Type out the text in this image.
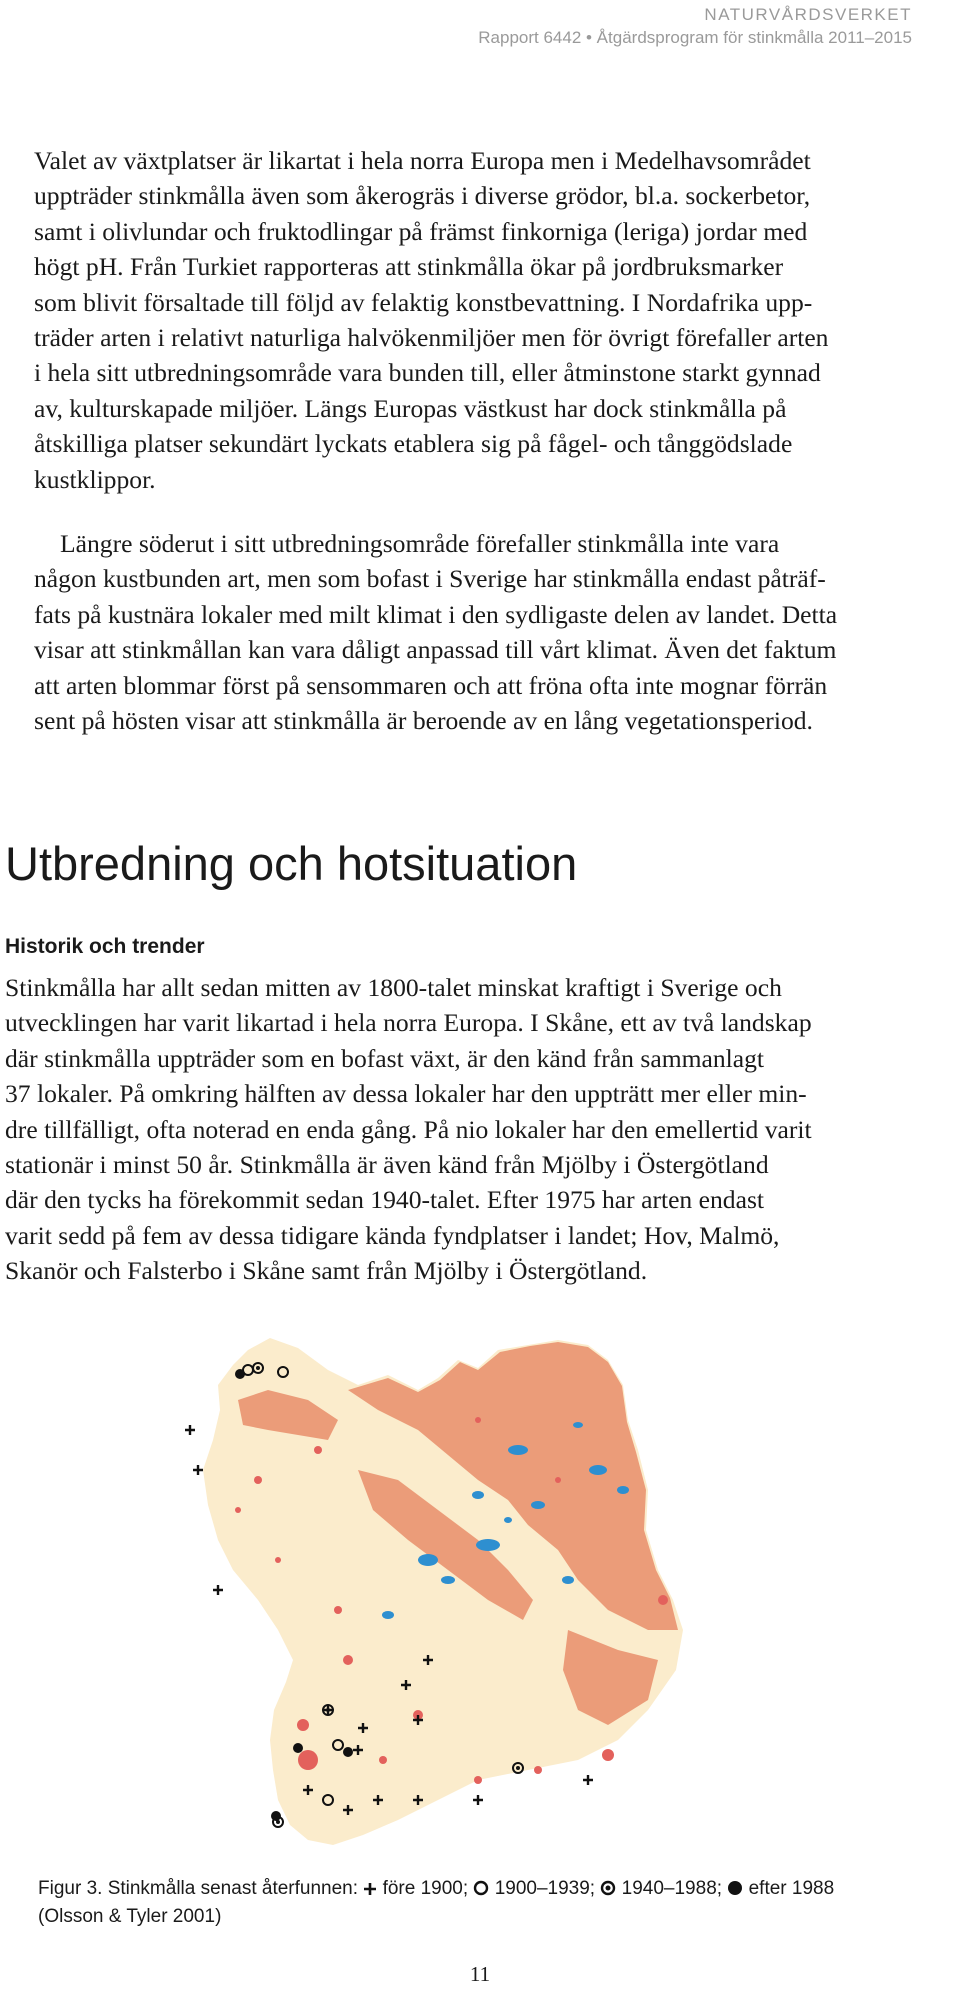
NATURVÅRDSVERKET
Rapport 6442 • Åtgärdsprogram för stinkmålla 2011–2015

Valet av växtplatser är likartat i hela norra Europa men i Medelhavsområdet
uppträder stinkmålla även som åkerogräs i diverse grödor, bl.a. sockerbetor,
samt i olivlundar och fruktodlingar på främst finkorniga (leriga) jordar med
högt pH. Från Turkiet rapporteras att stinkmålla ökar på jordbruksmarker
som blivit försaltade till följd av felaktig konstbevattning. I Nordafrika upp-
träder arten i relativt naturliga halvökenmiljöer men för övrigt förefaller arten
i hela sitt utbredningsområde vara bunden till, eller åtminstone starkt gynnad
av, kulturskapade miljöer. Längs Europas västkust har dock stinkmålla på
åtskilliga platser sekundärt lyckats etablera sig på fågel- och tånggödslade
kustklippor.

Längre söderut i sitt utbredningsområde förefaller stinkmålla inte vara
någon kustbunden art, men som bofast i Sverige har stinkmålla endast påträf-
fats på kustnära lokaler med milt klimat i den sydligaste delen av landet. Detta
visar att stinkmållan kan vara dåligt anpassad till vårt klimat. Även det faktum
att arten blommar först på sensommaren och att fröna ofta inte mognar förrän
sent på hösten visar att stinkmålla är beroende av en lång vegetationsperiod.

Utbredning och hotsituation
Historik och trender

Stinkmålla har allt sedan mitten av 1800-talet minskat kraftigt i Sverige och
utvecklingen har varit likartad i hela norra Europa. I Skåne, ett av två landskap
där stinkmålla uppträder som en bofast växt, är den känd från sammanlagt
37 lokaler. På omkring hälften av dessa lokaler har den uppträtt mer eller min-
dre tillfälligt, ofta noterad en enda gång. På nio lokaler har den emellertid varit
stationär i minst 50 år. Stinkmålla är även känd från Mjölby i Östergötland
där den tycks ha förekommit sedan 1940-talet. Efter 1975 har arten endast
varit sedd på fem av dessa tidigare kända fyndplatser i landet; Hov, Malmö,
Skanör och Falsterbo i Skåne samt från Mjölby i Östergötland.

Figur 3. Stinkmålla senast återfunnen:  före 1900;  1900–1939;  1940–1988;  efter 1988
(Olsson & Tyler 2001)
11
